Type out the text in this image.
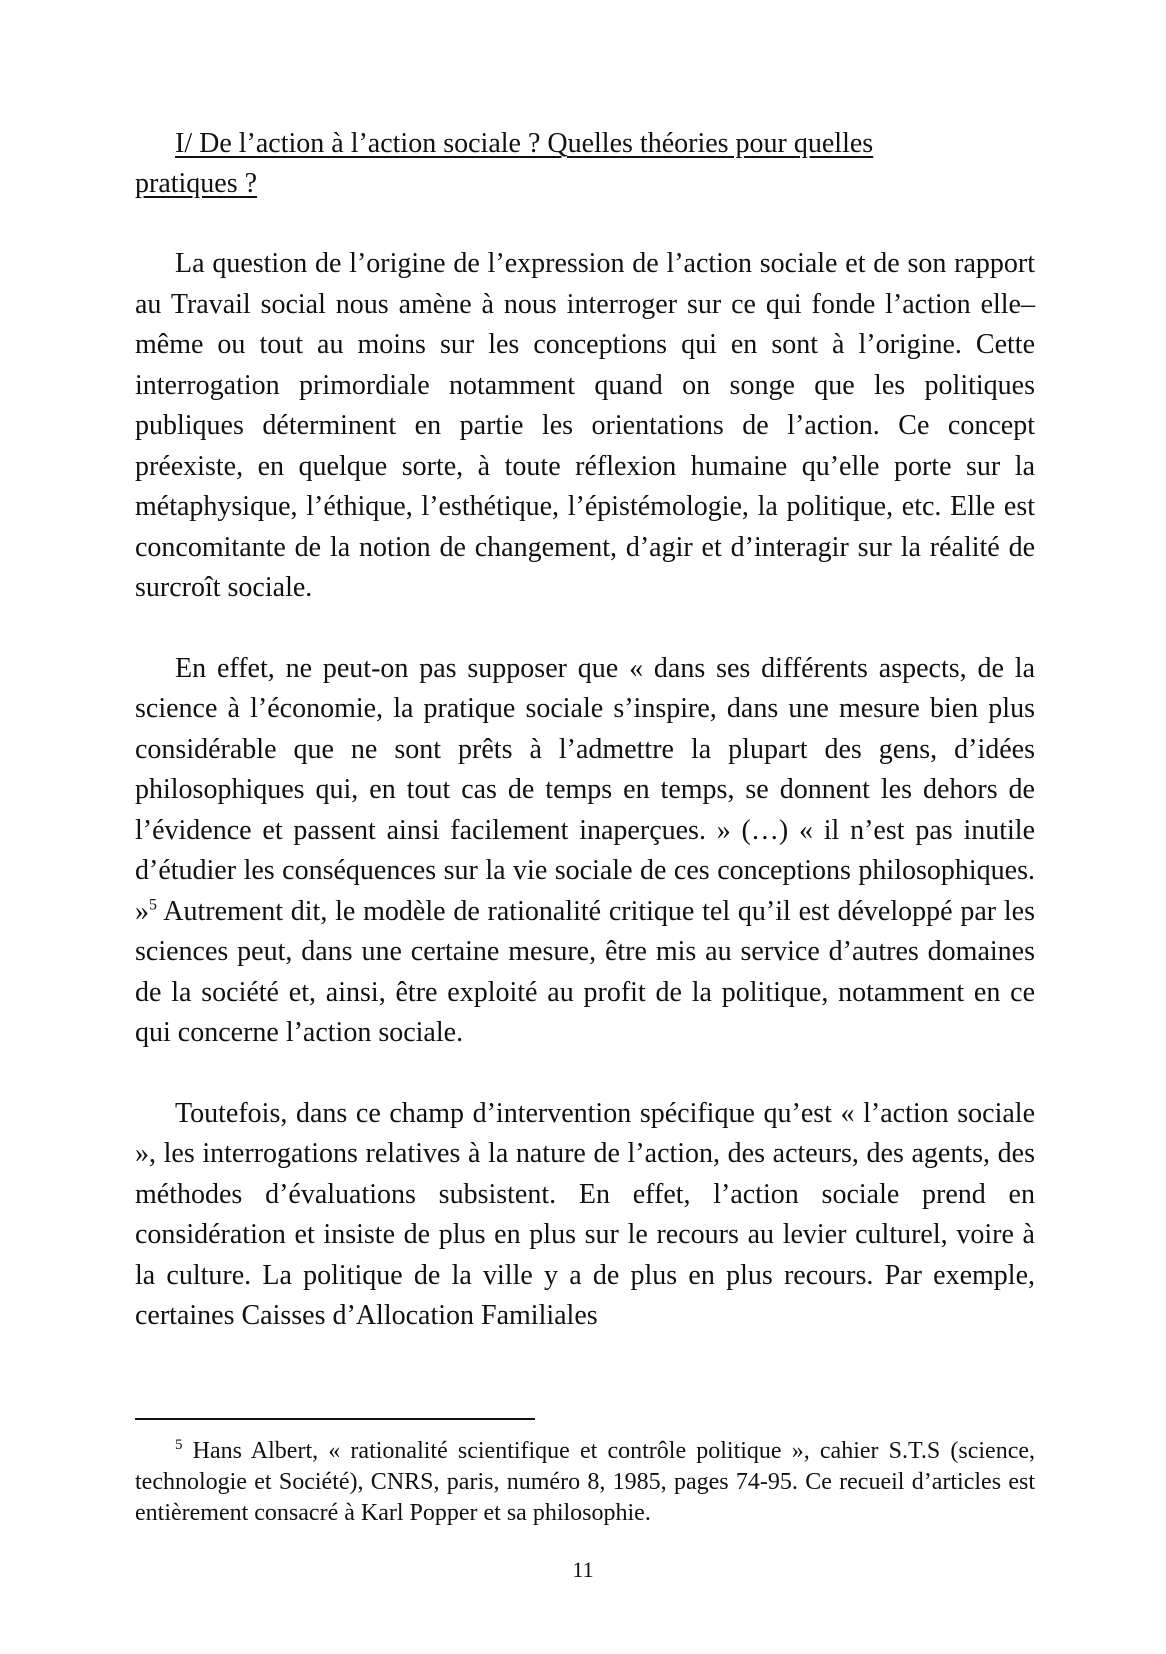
I/ De l’action à l’action sociale ? Quelles théories pour quelles pratiques ?

La question de l’origine de l’expression de l’action sociale et de son rapport au Travail social nous amène à nous interroger sur ce qui fonde l’action elle–même ou tout au moins sur les conceptions qui en sont à l’origine. Cette interrogation primordiale notamment quand on songe que les politiques publiques déterminent en partie les orientations de l’action. Ce concept préexiste, en quelque sorte, à toute réflexion humaine qu’elle porte sur la métaphysique, l’éthique, l’esthétique, l’épistémologie, la politique, etc. Elle est concomitante de la notion de changement, d’agir et d’interagir sur la réalité de surcroît sociale.

En effet, ne peut-on pas supposer que « dans ses différents aspects, de la science à l’économie, la pratique sociale s’inspire, dans une mesure bien plus considérable que ne sont prêts à l’admettre la plupart des gens, d’idées philosophiques qui, en tout cas de temps en temps, se donnent les dehors de l’évidence et passent ainsi facilement inaperçues. » (…) « il n’est pas inutile d’étudier les conséquences sur la vie sociale de ces conceptions philosophiques. »$^5$ Autrement dit, le modèle de rationalité critique tel qu’il est développé par les sciences peut, dans une certaine mesure, être mis au service d’autres domaines de la société et, ainsi, être exploité au profit de la politique, notamment en ce qui concerne l’action sociale.

Toutefois, dans ce champ d’intervention spécifique qu’est « l’action sociale », les interrogations relatives à la nature de l’action, des acteurs, des agents, des méthodes d’évaluations subsistent. En effet, l’action sociale prend en considération et insiste de plus en plus sur le recours au levier culturel, voire à la culture. La politique de la ville y a de plus en plus recours. Par exemple, certaines Caisses d’Allocation Familiales

$^5$ Hans Albert, « rationalité scientifique et contrôle politique », cahier S.T.S (science, technologie et Société), CNRS, paris, numéro 8, 1985, pages 74-95. Ce recueil d’articles est entièrement consacré à Karl Popper et sa philosophie.

11
